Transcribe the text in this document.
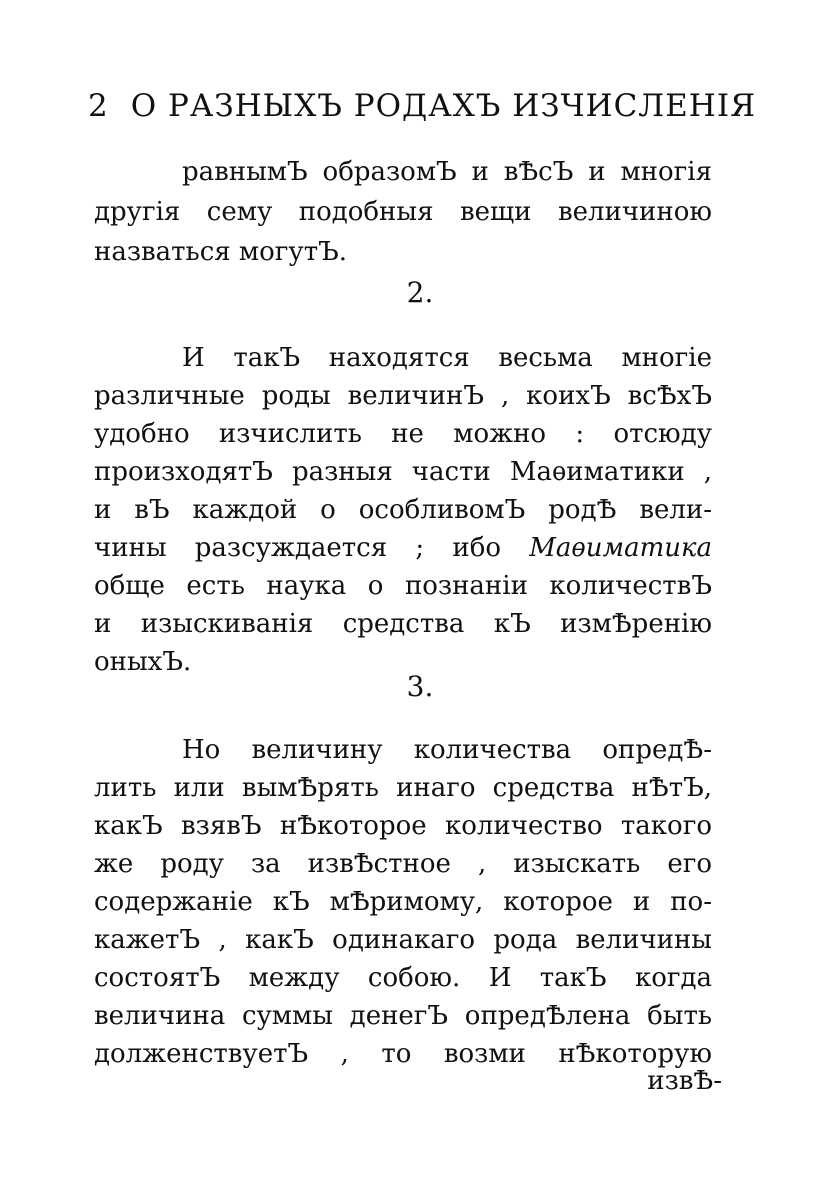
2 О РАЗНЫХЪ РОДАХЪ ИЗЧИСЛЕНІЯ
равнымЪ образомЪ и вѢсЪ и многія
другія сему подобныя вещи величиною
назваться могутЪ.
2.
И такЪ находятся весьма многіе
различные роды величинЪ , коихЪ всѢхЪ
удобно изчислить не можно : отсюду
произходятЪ разныя части Маѳиматики ,
и вЪ каждой о особливомЪ родѢ вели-
чины разсуждается ; ибо Маѳиматика
обще есть наука о познаніи количествЪ
и изыскиванія средства кЪ измѢренію
оныхЪ.
3.
Но величину количества опредѢ-
лить или вымѢрять инаго средства нѢтЪ,
какЪ взявЪ нѢкоторое количество такого
же роду за извѢстное , изыскать его
содержаніе кЪ мѢримому, которое и по-
кажетЪ , какЪ одинакаго рода величины
состоятЪ между собою. И такЪ когда
величина суммы денегЪ опредѢлена быть
долженствуетЪ , то возми нѢкоторую
извѢ-
